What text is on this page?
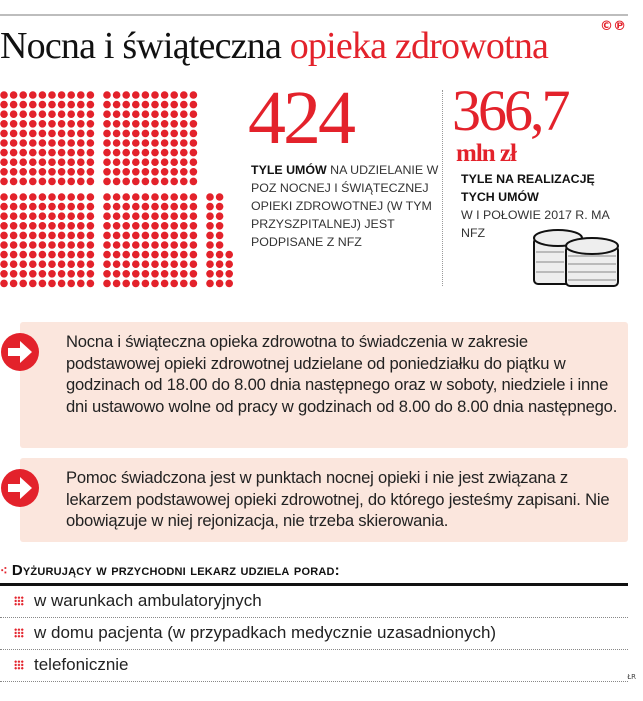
Nocna i świąteczna opieka zdrowotna	©℗
424
TYLE UMÓW NA UDZIELANIE W POZ NOCNEJ I ŚWIĄTECZNEJ OPIEKI ZDROWOTNEJ (W TYM PRZYSZPITALNEJ) JEST PODPISANE Z NFZ
366,7
mln zł
TYLE NA REALIZACJĘ TYCH UMÓW
W I POŁOWIE 2017 R. MA NFZ
Nocna i świąteczna opieka zdrowotna to świadczenia w zakresie podstawowej opieki zdrowotnej udzielane od poniedziałku do piątku w godzinach od 18.00 do 8.00 dnia następnego oraz w soboty, niedziele i inne dni ustawowo wolne od pracy w godzinach od 8.00 do 8.00 dnia następnego.
Pomoc świadczona jest w punktach nocnej opieki i nie jest związana z lekarzem podstawowej opieki zdrowotnej, do którego jesteśmy zapisani. Nie obowiązuje w niej rejonizacja, nie trzeba skierowania.
⁖ Dyżurujący w przychodni lekarz udziela porad:
w warunkach ambulatoryjnych
w domu pacjenta (w przypadkach medycznie uzasadnionych)
telefonicznie
ŁR
